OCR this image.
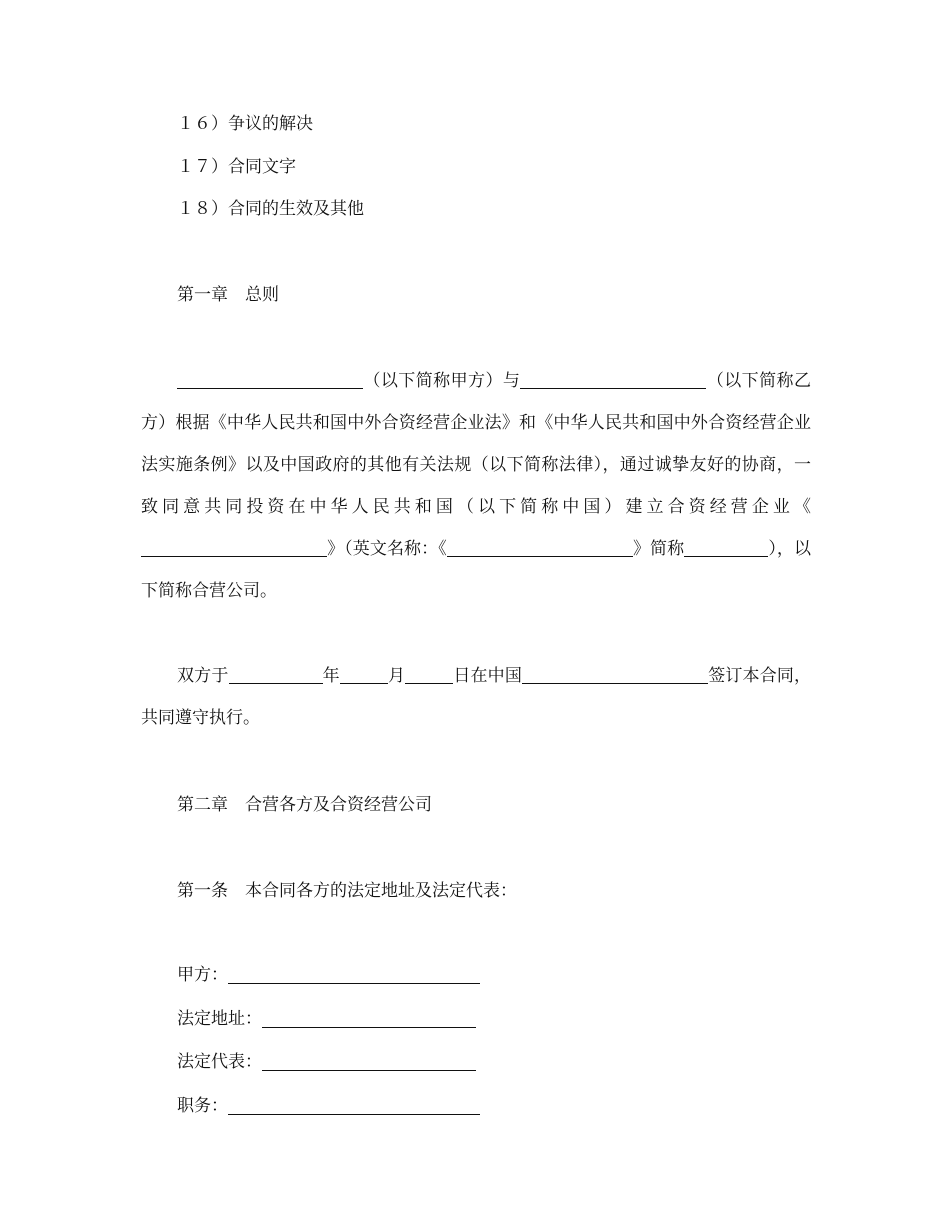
１６）争议的解决

１７）合同文字

１８）合同的生效及其他

第一章　总则

（以下简称甲方）与	（以下简称乙方）根据《中华人民共和国中外合资经营企业法》和《中华人民共和国中外合资经营企业法实施条例》以及中国政府的其他有关法规（以下简称法律），通过诚挚友好的协商，一致同意共同投资在中华人民共和国（以下简称中国）建立合资经营企业《》（英文名称：《	》简称	），以下简称合营公司。

双方于	年	月	日在中国	签订本合同，共同遵守执行。

第二章　合营各方及合资经营公司

第一条　本合同各方的法定地址及法定代表：

甲方：

法定地址：

法定代表：

职务：
